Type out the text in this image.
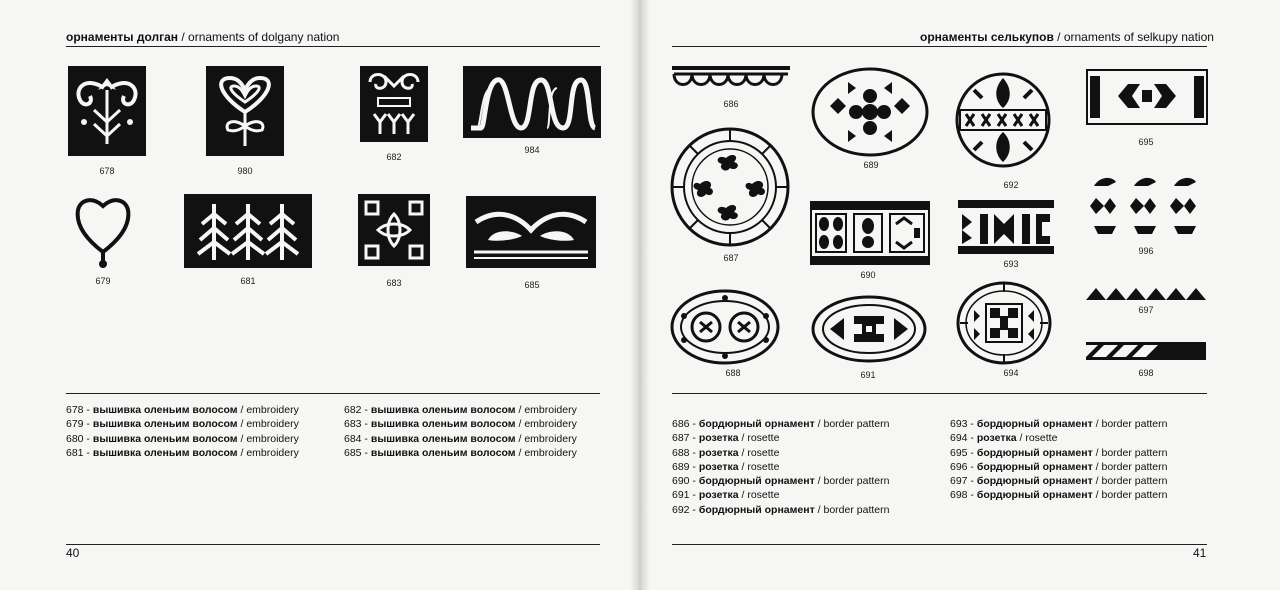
орнаменты долган / ornaments of dolgany nation
678	980
682
984
679	681	683	685
678 - вышивка оленьим волосом / embroidery
679 - вышивка оленьим волосом / embroidery
680 - вышивка оленьим волосом / embroidery
681 - вышивка оленьим волосом / embroidery
682 - вышивка оленьим волосом / embroidery
683 - вышивка оленьим волосом / embroidery
684 - вышивка оленьим волосом / embroidery
685 - вышивка оленьим волосом / embroidery
40
орнаменты селькупов / ornaments of selkupy nation
686
689
692
695
687
690
693
996
697
688	691	694	698
686 - бордюрный орнамент / border pattern
687 - розетка / rosette
688 - розетка / rosette
689 - розетка / rosette
690 - бордюрный орнамент / border pattern
691 - розетка / rosette
692 - бордюрный орнамент / border pattern
693 - бордюрный орнамент / border pattern
694 - розетка / rosette
695 - бордюрный орнамент / border pattern
696 - бордюрный орнамент / border pattern
697 - бордюрный орнамент / border pattern
698 - бордюрный орнамент / border pattern
41
